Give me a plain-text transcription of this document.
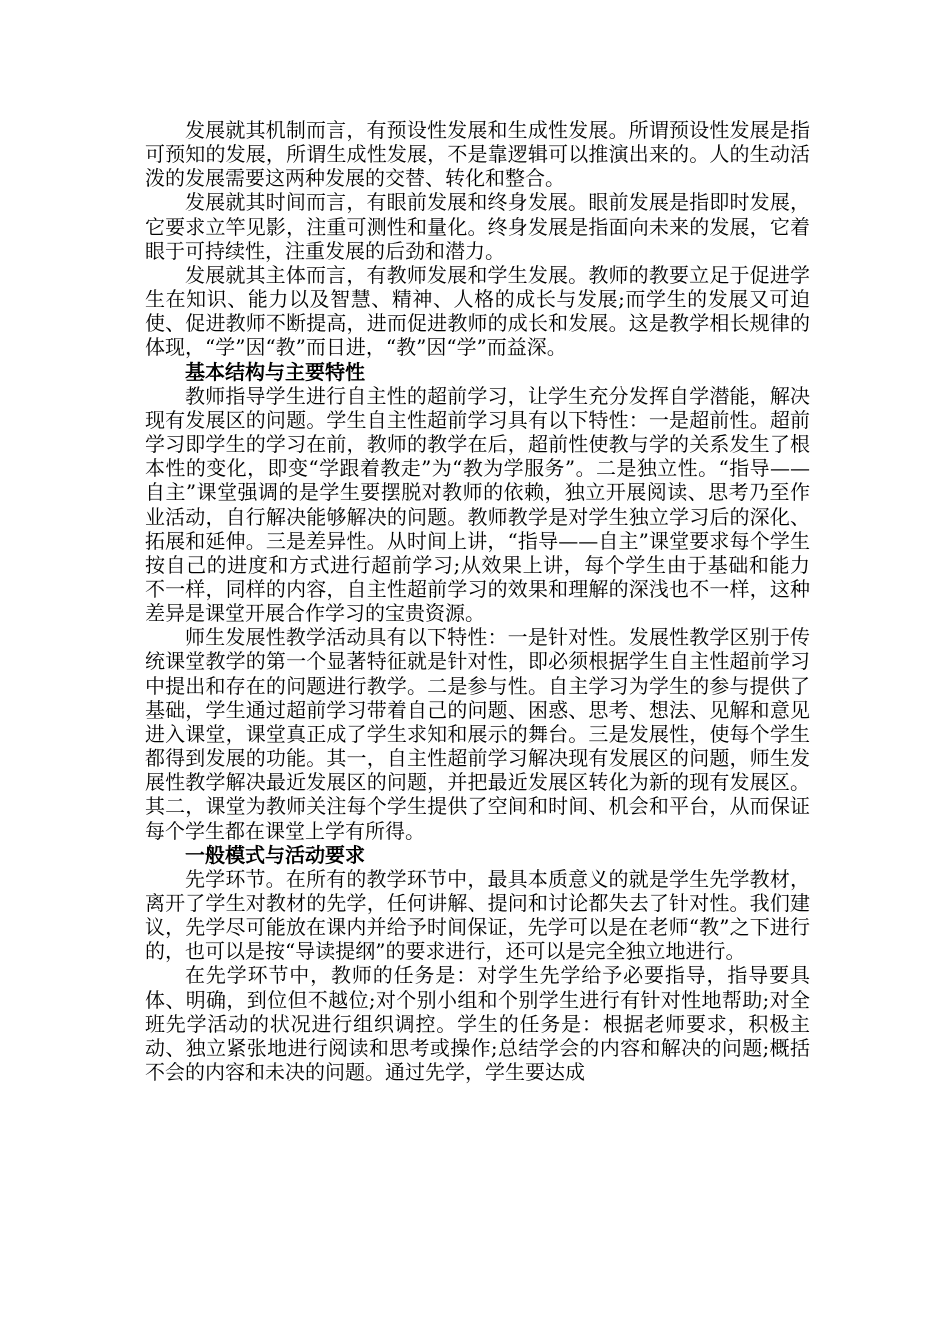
发展就其机制而言，有预设性发展和生成性发展。所谓预设性发展是指可预知的发展，所谓生成性发展，不是靠逻辑可以推演出来的。人的生动活泼的发展需要这两种发展的交替、转化和整合。

发展就其时间而言，有眼前发展和终身发展。眼前发展是指即时发展，它要求立竿见影，注重可测性和量化。终身发展是指面向未来的发展，它着眼于可持续性，注重发展的后劲和潜力。

发展就其主体而言，有教师发展和学生发展。教师的教要立足于促进学生在知识、能力以及智慧、精神、人格的成长与发展;而学生的发展又可迫使、促进教师不断提高，进而促进教师的成长和发展。这是教学相长规律的体现，“学”因“教”而日进，“教”因“学”而益深。

基本结构与主要特性

教师指导学生进行自主性的超前学习，让学生充分发挥自学潜能，解决现有发展区的问题。学生自主性超前学习具有以下特性：一是超前性。超前学习即学生的学习在前，教师的教学在后，超前性使教与学的关系发生了根本性的变化，即变“学跟着教走”为“教为学服务”。二是独立性。“指导——自主”课堂强调的是学生要摆脱对教师的依赖，独立开展阅读、思考乃至作业活动，自行解决能够解决的问题。教师教学是对学生独立学习后的深化、拓展和延伸。三是差异性。从时间上讲，“指导——自主”课堂要求每个学生按自己的进度和方式进行超前学习;从效果上讲，每个学生由于基础和能力不一样，同样的内容，自主性超前学习的效果和理解的深浅也不一样，这种差异是课堂开展合作学习的宝贵资源。

师生发展性教学活动具有以下特性：一是针对性。发展性教学区别于传统课堂教学的第一个显著特征就是针对性，即必须根据学生自主性超前学习中提出和存在的问题进行教学。二是参与性。自主学习为学生的参与提供了基础，学生通过超前学习带着自己的问题、困惑、思考、想法、见解和意见进入课堂，课堂真正成了学生求知和展示的舞台。三是发展性，使每个学生都得到发展的功能。其一，自主性超前学习解决现有发展区的问题，师生发展性教学解决最近发展区的问题，并把最近发展区转化为新的现有发展区。其二，课堂为教师关注每个学生提供了空间和时间、机会和平台，从而保证每个学生都在课堂上学有所得。

一般模式与活动要求

先学环节。在所有的教学环节中，最具本质意义的就是学生先学教材，离开了学生对教材的先学，任何讲解、提问和讨论都失去了针对性。我们建议，先学尽可能放在课内并给予时间保证，先学可以是在老师“教”之下进行的，也可以是按“导读提纲”的要求进行，还可以是完全独立地进行。

在先学环节中，教师的任务是：对学生先学给予必要指导，指导要具体、明确，到位但不越位;对个别小组和个别学生进行有针对性地帮助;对全班先学活动的状况进行组织调控。学生的任务是：根据老师要求，积极主动、独立紧张地进行阅读和思考或操作;总结学会的内容和解决的问题;概括不会的内容和未决的问题。通过先学，学生要达成
